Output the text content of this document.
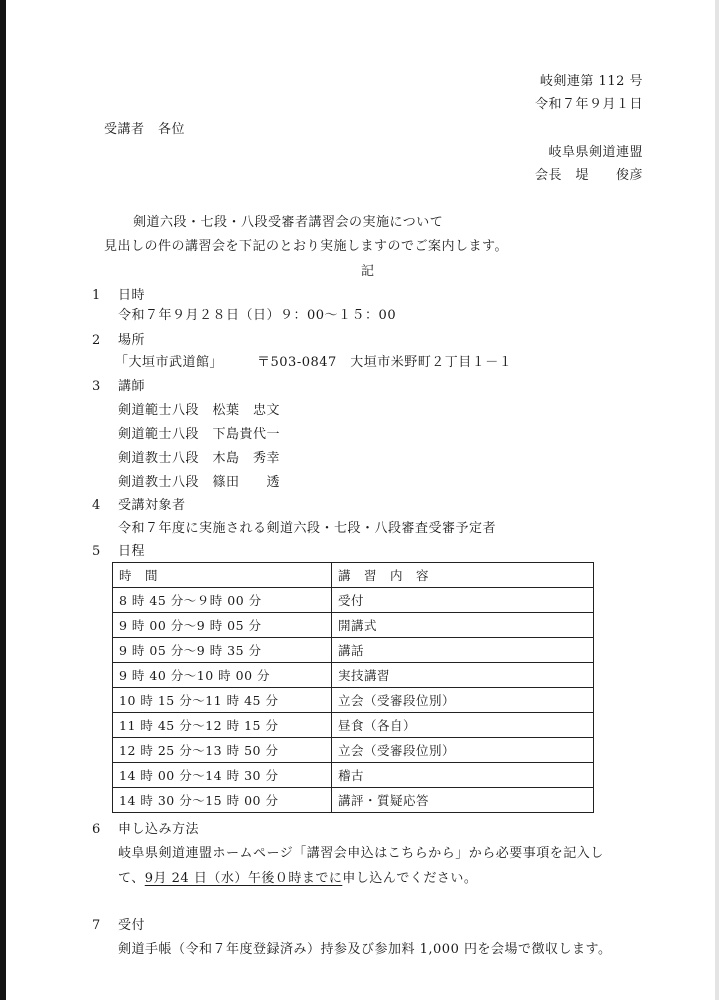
岐剣連第 112 号
令和７年９月１日
受講者　各位
岐阜県剣道連盟
会長　堤　　俊彦
剣道六段・七段・八段受審者講習会の実施について
見出しの件の講習会を下記のとおり実施しますのでご案内します。
記
1 日時
令和７年９月２８日（日）９：00～１５：00
2 場所
「大垣市武道館」	〒503-0847　大垣市米野町２丁目１－１
3 講師
剣道範士八段　松葉　忠文
剣道範士八段　下島貴代一
剣道教士八段　木島　秀幸
剣道教士八段　篠田　　透
4 受講対象者
令和７年度に実施される剣道六段・七段・八段審査受審予定者
5 日程
時　間	講　習　内　容
8 時 45 分～９時 00 分	受付
9 時 00 分～9 時 05 分	開講式
9 時 05 分～9 時 35 分	講話
9 時 40 分～10 時 00 分	実技講習
10 時 15 分～11 時 45 分	立会（受審段位別）
11 時 45 分～12 時 15 分	昼食（各自）
12 時 25 分～13 時 50 分	立会（受審段位別）
14 時 00 分～14 時 30 分	稽古
14 時 30 分～15 時 00 分	講評・質疑応答
6 申し込み方法
岐阜県剣道連盟ホームページ「講習会申込はこちらから」から必要事項を記入し
て、9月 24 日（水）午後０時までに申し込んでください。
7 受付
剣道手帳（令和７年度登録済み）持参及び参加料 1,000 円を会場で徴収します。
